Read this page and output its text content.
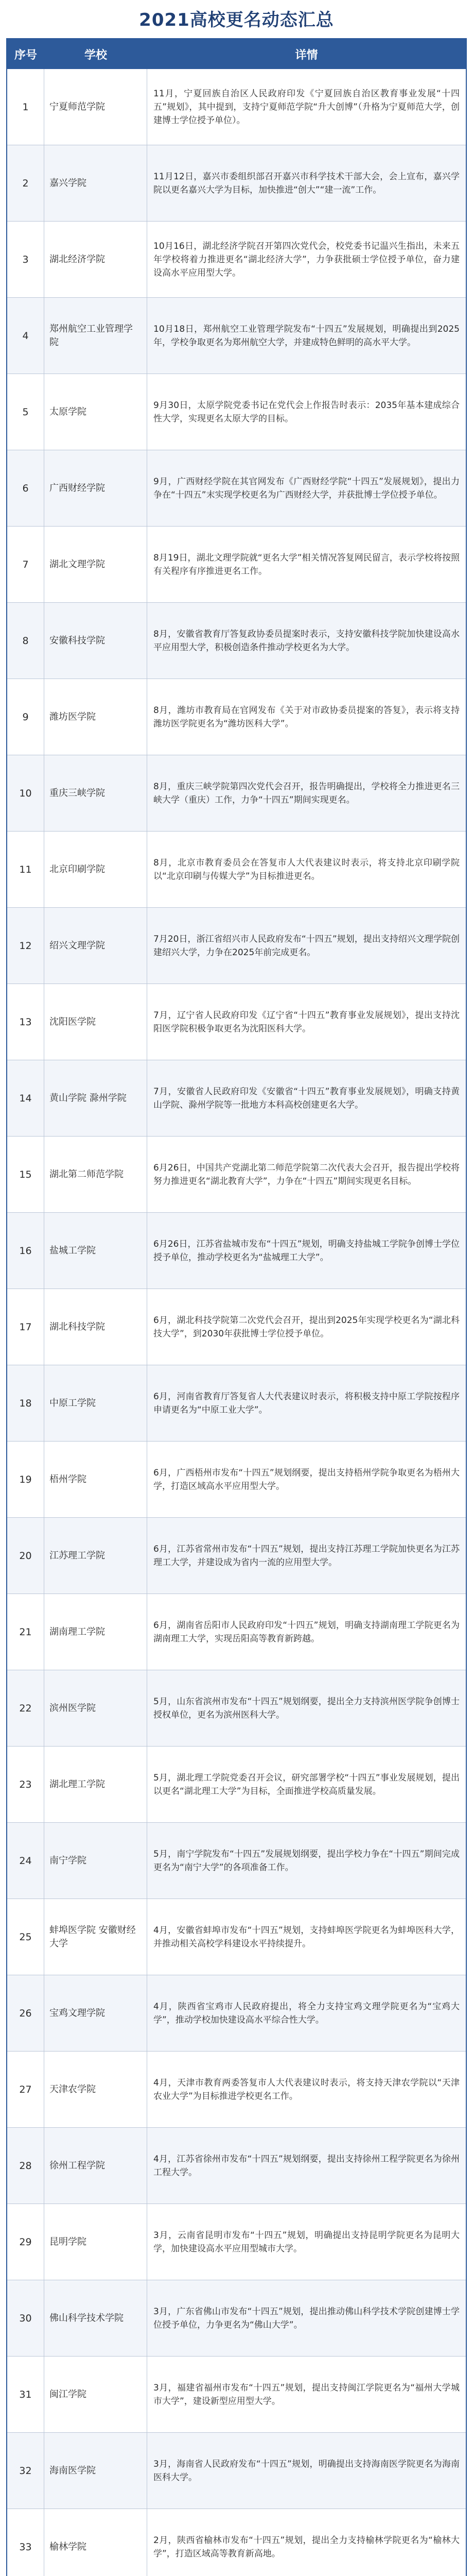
2021高校更名动态汇总
序号	学校	详情
1	宁夏师范学院
11月，宁夏回族自治区人民政府印发《宁夏回族自治区教育事业发展“十四五”规划》，其中提到，支持宁夏师范学院“升大创博”（升格为宁夏师范大学，创建博士学位授予单位）。
2	嘉兴学院
11月12日，嘉兴市委组织部召开嘉兴市科学技术干部大会，会上宣布，嘉兴学院以更名嘉兴大学为目标，加快推进“创大”“建一流”工作。
3	湖北经济学院
10月16日，湖北经济学院召开第四次党代会，校党委书记温兴生指出，未来五年学校将着力推进更名“湖北经济大学”，力争获批硕士学位授予单位，奋力建设高水平应用型大学。
4
郑州航空工业管理学院
10月18日，郑州航空工业管理学院发布“十四五”发展规划，明确提出到2025年，学校争取更名为郑州航空大学，并建成特色鲜明的高水平大学。
5	太原学院
9月30日，太原学院党委书记在党代会上作报告时表示：2035年基本建成综合性大学，实现更名太原大学的目标。
6	广西财经学院
9月，广西财经学院在其官网发布《广西财经学院“十四五”发展规划》，提出力争在“十四五”末实现学校更名为广西财经大学，并获批博士学位授予单位。
7	湖北文理学院
8月19日，湖北文理学院就“更名大学”相关情况答复网民留言，表示学校将按照有关程序有序推进更名工作。
8	安徽科技学院
8月，安徽省教育厅答复政协委员提案时表示，支持安徽科技学院加快建设高水平应用型大学，积极创造条件推动学校更名为大学。
9	潍坊医学院
8月，潍坊市教育局在官网发布《关于对市政协委员提案的答复》，表示将支持潍坊医学院更名为“潍坊医科大学”。
10	重庆三峡学院
8月，重庆三峡学院第四次党代会召开，报告明确提出，学校将全力推进更名三峡大学（重庆）工作，力争“十四五”期间实现更名。
11	北京印刷学院
8月，北京市教育委员会在答复市人大代表建议时表示，将支持北京印刷学院以“北京印刷与传媒大学”为目标推进更名。
12	绍兴文理学院
7月20日，浙江省绍兴市人民政府发布“十四五”规划，提出支持绍兴文理学院创建绍兴大学，力争在2025年前完成更名。
13	沈阳医学院
7月，辽宁省人民政府印发《辽宁省“十四五”教育事业发展规划》，提出支持沈阳医学院积极争取更名为沈阳医科大学。
14	黄山学院 滁州学院
7月，安徽省人民政府印发《安徽省“十四五”教育事业发展规划》，明确支持黄山学院、滁州学院等一批地方本科高校创建更名大学。
15	湖北第二师范学院
6月26日，中国共产党湖北第二师范学院第二次代表大会召开，报告提出学校将努力推进更名“湖北教育大学”，力争在“十四五”期间实现更名目标。
16	盐城工学院
6月26日，江苏省盐城市发布“十四五”规划，明确支持盐城工学院争创博士学位授予单位，推动学校更名为“盐城理工大学”。
17	湖北科技学院
6月，湖北科技学院第二次党代会召开，提出到2025年实现学校更名为“湖北科技大学”，到2030年获批博士学位授予单位。
18	中原工学院
6月，河南省教育厅答复省人大代表建议时表示，将积极支持中原工学院按程序申请更名为“中原工业大学”。
19	梧州学院
6月，广西梧州市发布“十四五”规划纲要，提出支持梧州学院争取更名为梧州大学，打造区域高水平应用型大学。
20	江苏理工学院
6月，江苏省常州市发布“十四五”规划，提出支持江苏理工学院加快更名为江苏理工大学，并建设成为省内一流的应用型大学。
21	湖南理工学院
6月，湖南省岳阳市人民政府印发“十四五”规划，明确支持湖南理工学院更名为湖南理工大学，实现岳阳高等教育新跨越。
22	滨州医学院
5月，山东省滨州市发布“十四五”规划纲要，提出全力支持滨州医学院争创博士授权单位，更名为滨州医科大学。
23	湖北理工学院
5月，湖北理工学院党委召开会议，研究部署学校“十四五”事业发展规划，提出以更名“湖北理工大学”为目标，全面推进学校高质量发展。
24	南宁学院
5月，南宁学院发布“十四五”发展规划纲要，提出学校力争在“十四五”期间完成更名为“南宁大学”的各项准备工作。
25
蚌埠医学院 安徽财经大学
4月，安徽省蚌埠市发布“十四五”规划，支持蚌埠医学院更名为蚌埠医科大学，并推动相关高校学科建设水平持续提升。
26	宝鸡文理学院
4月，陕西省宝鸡市人民政府提出，将全力支持宝鸡文理学院更名为“宝鸡大学”，推动学校加快建设高水平综合性大学。
27	天津农学院
4月，天津市教育两委答复市人大代表建议时表示，将支持天津农学院以“天津农业大学”为目标推进学校更名工作。
28	徐州工程学院
4月，江苏省徐州市发布“十四五”规划纲要，提出支持徐州工程学院更名为徐州工程大学。
29	昆明学院
3月，云南省昆明市发布“十四五”规划，明确提出支持昆明学院更名为昆明大学，加快建设高水平应用型城市大学。
30	佛山科学技术学院
3月，广东省佛山市发布“十四五”规划，提出推动佛山科学技术学院创建博士学位授予单位，力争更名为“佛山大学”。
31	闽江学院
3月，福建省福州市发布“十四五”规划，提出支持闽江学院更名为“福州大学城市大学”，建设新型应用型大学。
32	海南医学院
3月，海南省人民政府发布“十四五”规划，明确提出支持海南医学院更名为海南医科大学。
33	榆林学院
2月，陕西省榆林市发布“十四五”规划，提出全力支持榆林学院更名为“榆林大学”，打造区域高等教育新高地。
